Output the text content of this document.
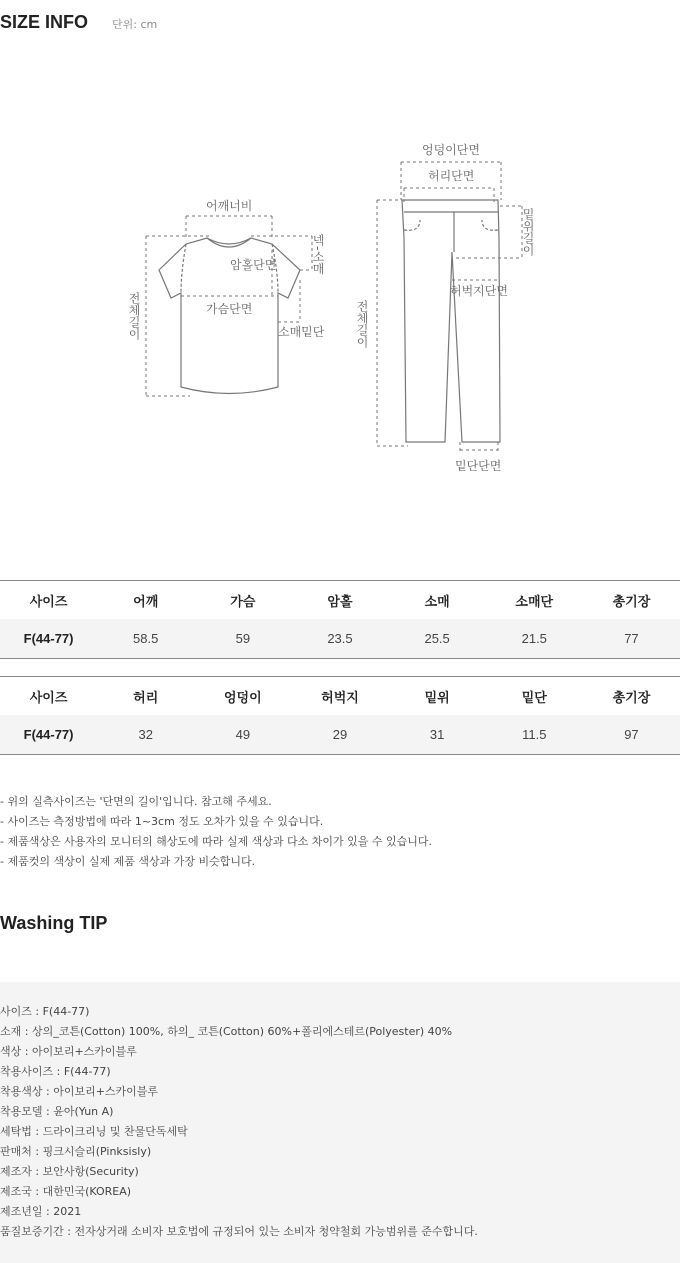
SIZE INFO 단위: cm
어깨너비
암홀단면
가슴단면
소매밑단
넥-소매
전체길이
엉덩이단면
허리단면
허벅지단면
밑단단면
밑위길이
전체길이
사이즈	어깨	가슴	암홀	소매	소매단	총기장
F(44-77)	58.5	59	23.5	25.5	21.5	77
사이즈	허리	엉덩이	허벅지	밑위	밑단	총기장
F(44-77)	32	49	29	31	11.5	97
- 위의 실측사이즈는 '단면의 길이'입니다. 참고해 주세요.
- 사이즈는 측정방법에 따라 1~3cm 정도 오차가 있을 수 있습니다.
- 제품색상은 사용자의 모니터의 해상도에 따라 실제 색상과 다소 차이가 있을 수 있습니다.
- 제품컷의 색상이 실제 제품 색상과 가장 비슷합니다.
Washing TIP
사이즈 : F(44-77)
소재 : 상의_코튼(Cotton) 100%, 하의_ 코튼(Cotton) 60%+폴리에스테르(Polyester) 40%
색상 : 아이보리+스카이블루
착용사이즈 : F(44-77)
착용색상 : 아이보리+스카이블루
착용모델 : 윤아(Yun A)
세탁법 : 드라이크리닝 및 찬물단독세탁
판매처 : 핑크시슬리(Pinksisly)
제조자 : 보안사항(Security)
제조국 : 대한민국(KOREA)
제조년일 : 2021
품질보증기간 : 전자상거래 소비자 보호법에 규정되어 있는 소비자 청약철회 가능범위를 준수합니다.
